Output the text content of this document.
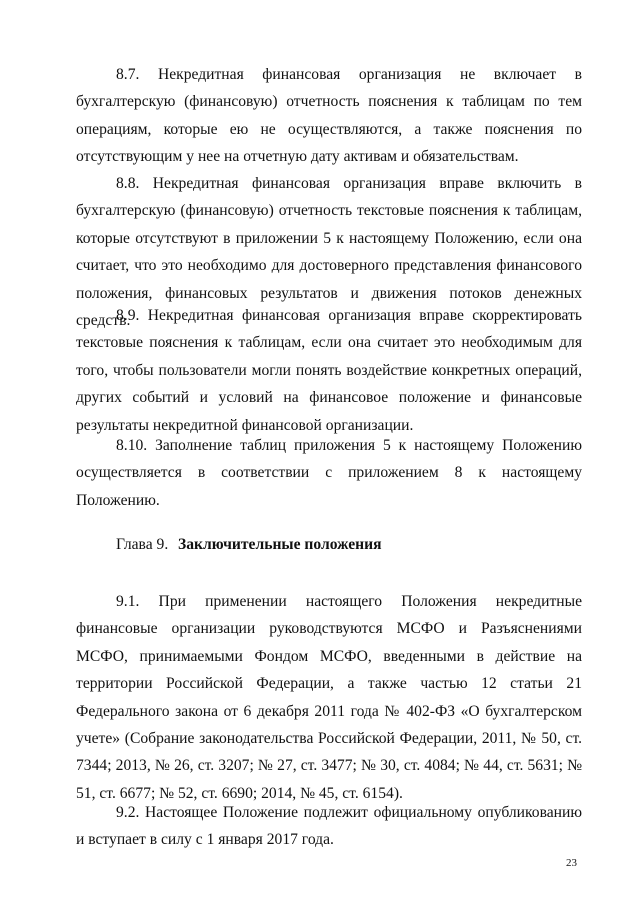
8.7. Некредитная финансовая организация не включает в бухгалтерскую (финансовую) отчетность пояснения к таблицам по тем операциям, которые ею не осуществляются, а также пояснения по отсутствующим у нее на отчетную дату активам и обязательствам.

8.8. Некредитная финансовая организация вправе включить в бухгалтерскую (финансовую) отчетность текстовые пояснения к таблицам, которые отсутствуют в приложении 5 к настоящему Положению, если она считает, что это необходимо для достоверного представления финансового положения, финансовых результатов и движения потоков денежных средств.

8.9. Некредитная финансовая организация вправе скорректировать текстовые пояснения к таблицам, если она считает это необходимым для того, чтобы пользователи могли понять воздействие конкретных операций, других событий и условий на финансовое положение и финансовые результаты некредитной финансовой организации.

8.10. Заполнение таблиц приложения 5 к настоящему Положению осуществляется в соответствии с приложением 8 к настоящему Положению.

Глава 9. Заключительные положения

9.1. При применении настоящего Положения некредитные финансовые организации руководствуются МСФО и Разъяснениями МСФО, принимаемыми Фондом МСФО, введенными в действие на территории Российской Федерации, а также частью 12 статьи 21 Федерального закона от 6 декабря 2011 года № 402-ФЗ «О бухгалтерском учете» (Собрание законодательства Российской Федерации, 2011, № 50, ст. 7344; 2013, № 26, ст. 3207; № 27, ст. 3477; № 30, ст. 4084; № 44, ст. 5631; № 51, ст. 6677; № 52, ст. 6690; 2014, № 45, ст. 6154).

9.2. Настоящее Положение подлежит официальному опубликованию и вступает в силу с 1 января 2017 года.

23
